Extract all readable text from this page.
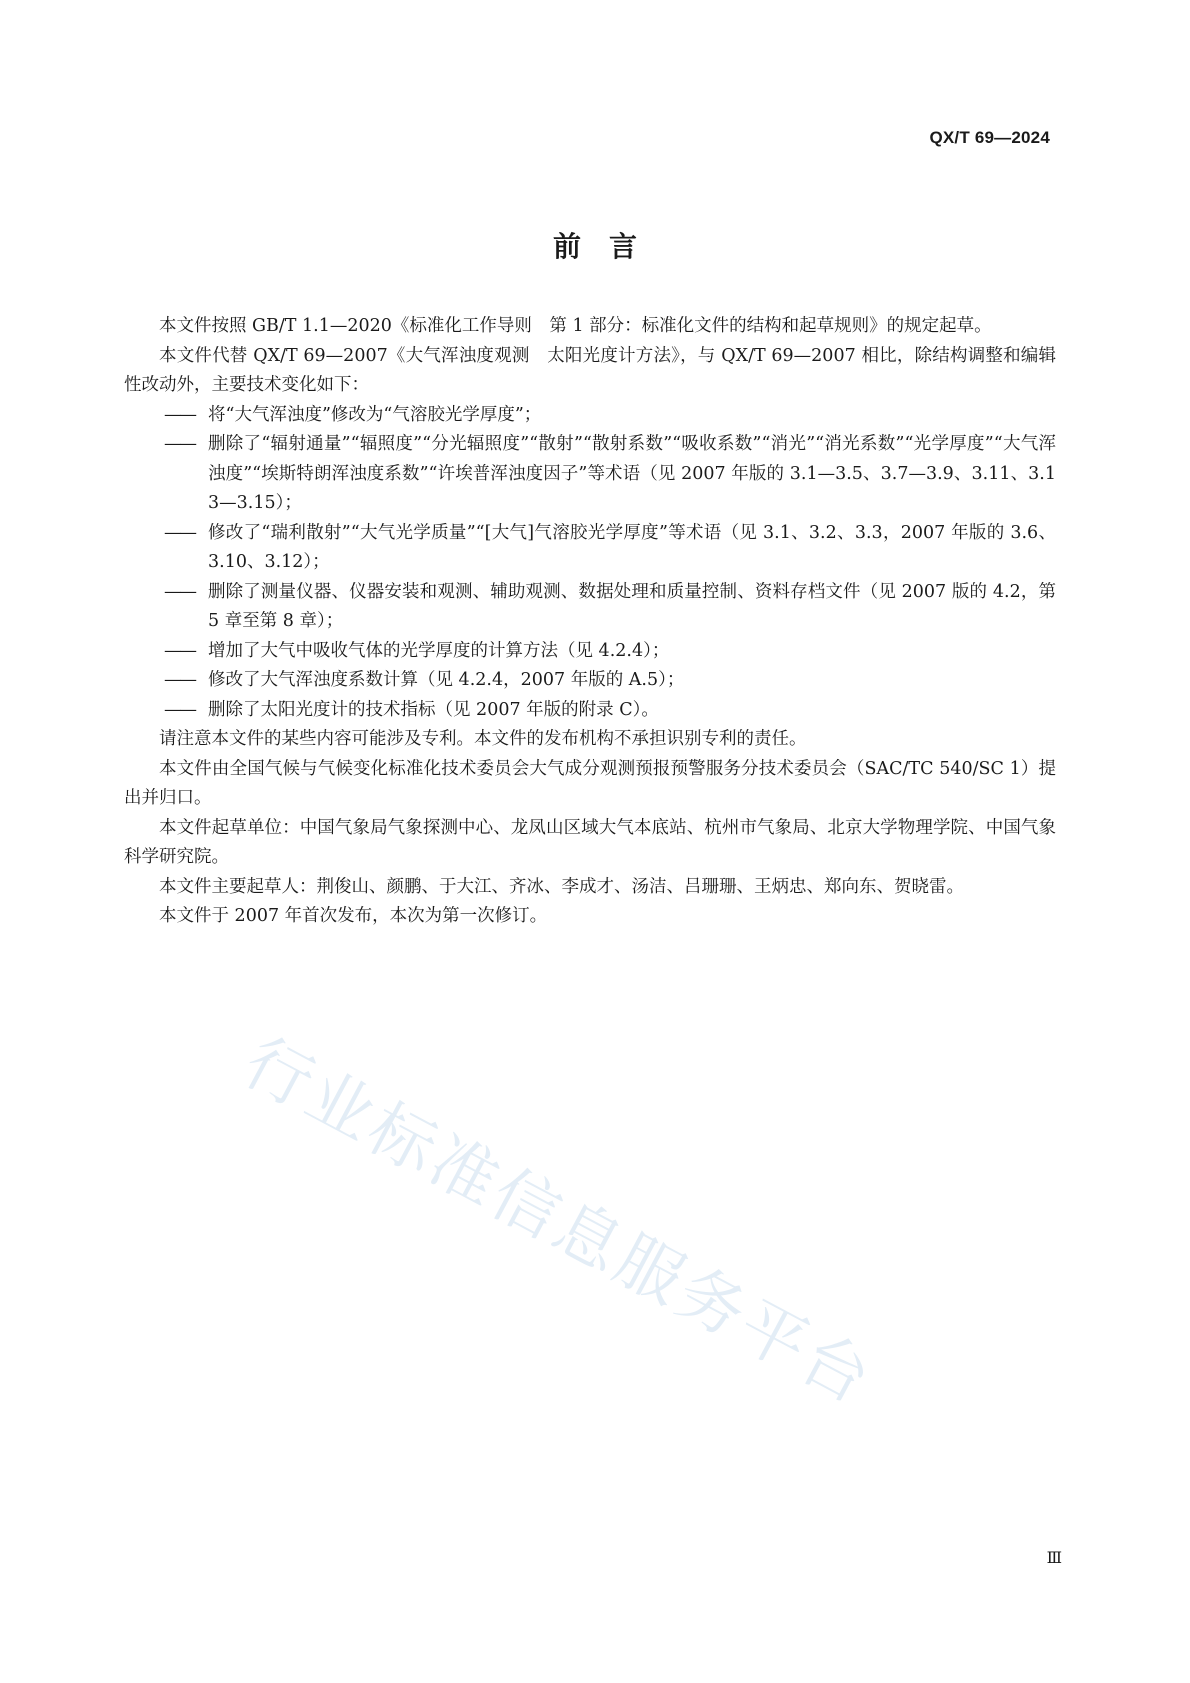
QX/T 69—2024
前　言

本文件按照 GB/T 1.1—2020《标准化工作导则　第 1 部分：标准化文件的结构和起草规则》的规定起草。

本文件代替 QX/T 69—2007《大气浑浊度观测　太阳光度计方法》，与 QX/T 69—2007 相比，除结构调整和编辑性改动外，主要技术变化如下：

—— 将“大气浑浊度”修改为“气溶胶光学厚度”；
—— 删除了“辐射通量”“辐照度”“分光辐照度”“散射”“散射系数”“吸收系数”“消光”“消光系数”“光学厚度”“大气浑浊度”“埃斯特朗浑浊度系数”“许埃普浑浊度因子”等术语（见 2007 年版的 3.1—3.5、3.7—3.9、3.11、3.13—3.15）；
—— 修改了“瑞利散射”“大气光学质量”“[大气]气溶胶光学厚度”等术语（见 3.1、3.2、3.3，2007 年版的 3.6、3.10、3.12）；
—— 删除了测量仪器、仪器安装和观测、辅助观测、数据处理和质量控制、资料存档文件（见 2007 版的 4.2，第 5 章至第 8 章）；
—— 增加了大气中吸收气体的光学厚度的计算方法（见 4.2.4）；
—— 修改了大气浑浊度系数计算（见 4.2.4，2007 年版的 A.5）；
—— 删除了太阳光度计的技术指标（见 2007 年版的附录 C）。

请注意本文件的某些内容可能涉及专利。本文件的发布机构不承担识别专利的责任。

本文件由全国气候与气候变化标准化技术委员会大气成分观测预报预警服务分技术委员会（SAC/TC 540/SC 1）提出并归口。

本文件起草单位：中国气象局气象探测中心、龙凤山区域大气本底站、杭州市气象局、北京大学物理学院、中国气象科学研究院。

本文件主要起草人：荆俊山、颜鹏、于大江、齐冰、李成才、汤洁、吕珊珊、王炳忠、郑向东、贺晓雷。

本文件于 2007 年首次发布，本次为第一次修订。

行业标准信息服务平台
Ⅲ
